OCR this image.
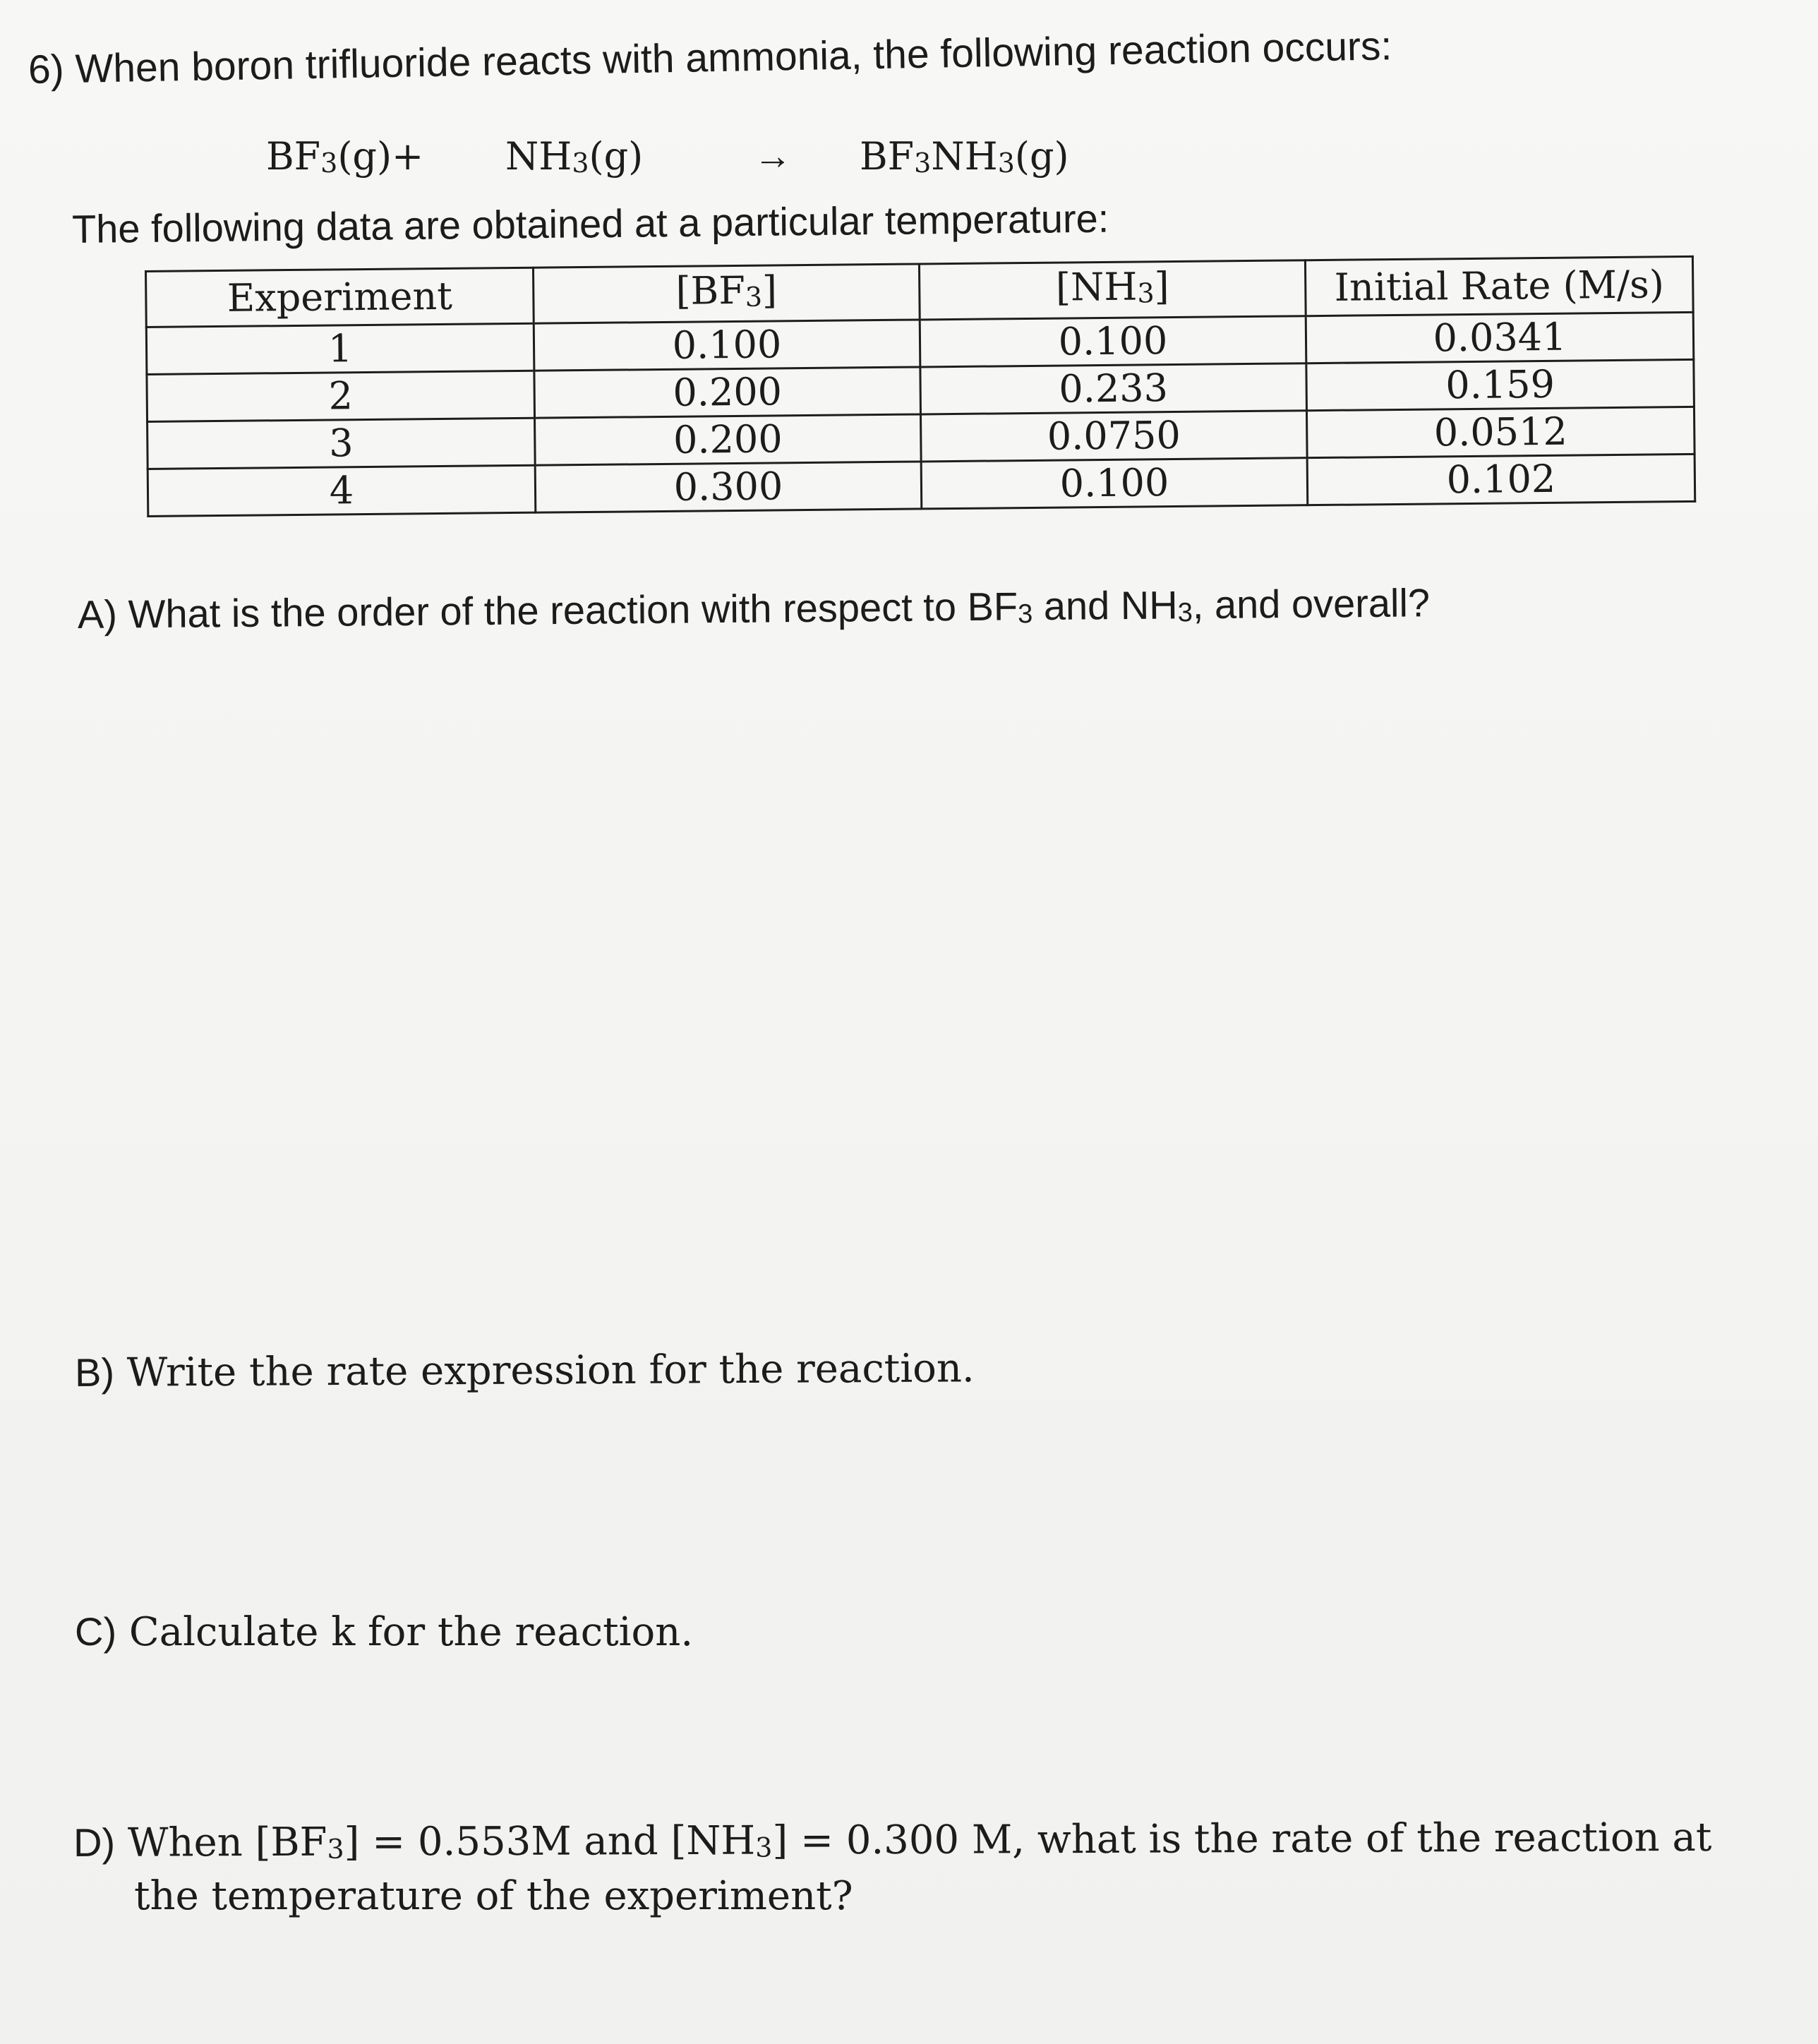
6) When boron trifluoride reacts with ammonia, the following reaction occurs:

BF3(g)+ NH3(g)	→ BF3NH3(g)

The following data are obtained at a particular temperature:

Experiment	[BF3]	[NH3]	Initial Rate (M/s)
1	0.100	0.100	0.0341
2	0.200	0.233	0.159
3	0.200	0.0750	0.0512
4	0.300	0.100	0.102

A) What is the order of the reaction with respect to BF3 and NH3, and overall?

B) Write the rate expression for the reaction.

C) Calculate k for the reaction.

D) When [BF3] = 0.553M and [NH3] = 0.300 M, what is the rate of the reaction at

the temperature of the experiment?
